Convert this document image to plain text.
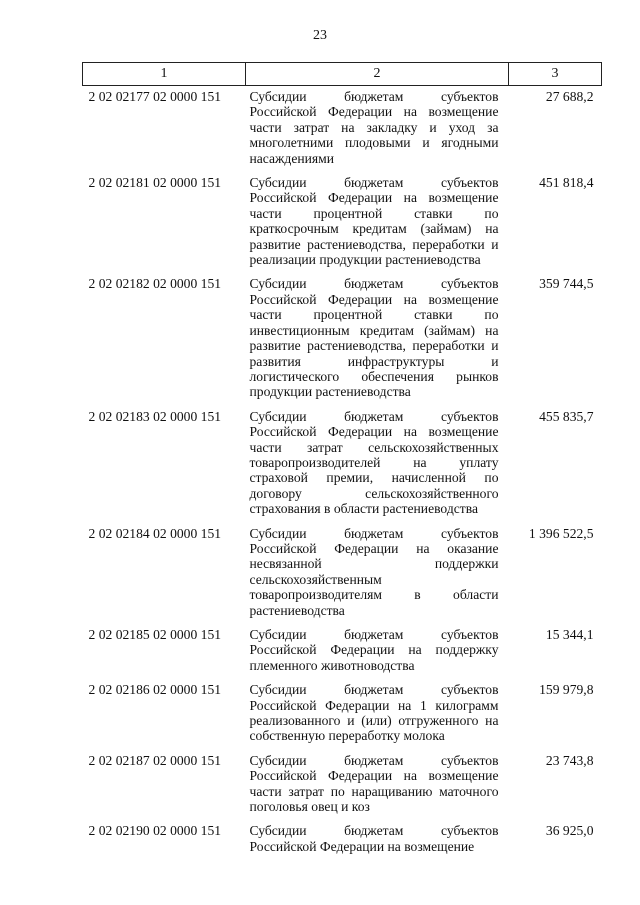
23
1	2	3
2 02 02177 02 0000 151	Субсидии бюджетам субъектов Российской Федерации на возмещение части затрат на закладку и уход за многолетними плодовыми и ягодными насаждениями	27 688,2
2 02 02181 02 0000 151	Субсидии бюджетам субъектов Российской Федерации на возмещение части процентной ставки по краткосрочным кредитам (займам) на развитие растениеводства, переработки и реализации продукции растениеводства	451 818,4
2 02 02182 02 0000 151	Субсидии бюджетам субъектов Российской Федерации на возмещение части процентной ставки по инвестиционным кредитам (займам) на развитие растениеводства, переработки и развития инфраструктуры и логистического обеспечения рынков продукции растениеводства	359 744,5
2 02 02183 02 0000 151	Субсидии бюджетам субъектов Российской Федерации на возмещение части затрат сельскохозяйственных товаропроизводителей на уплату страховой премии, начисленной по договору сельскохозяйственного страхования в области растениеводства	455 835,7
2 02 02184 02 0000 151	Субсидии бюджетам субъектов Российской Федерации на оказание несвязанной поддержки сельскохозяйственным товаропроизводителям в области растениеводства	1 396 522,5
2 02 02185 02 0000 151	Субсидии бюджетам субъектов Российской Федерации на поддержку племенного животноводства	15 344,1
2 02 02186 02 0000 151	Субсидии бюджетам субъектов Российской Федерации на 1 килограмм реализованного и (или) отгруженного на собственную переработку молока	159 979,8
2 02 02187 02 0000 151	Субсидии бюджетам субъектов Российской Федерации на возмещение части затрат по наращиванию маточного поголовья овец и коз	23 743,8
2 02 02190 02 0000 151	Субсидии бюджетам субъектов Российской Федерации на возмещение	36 925,0
